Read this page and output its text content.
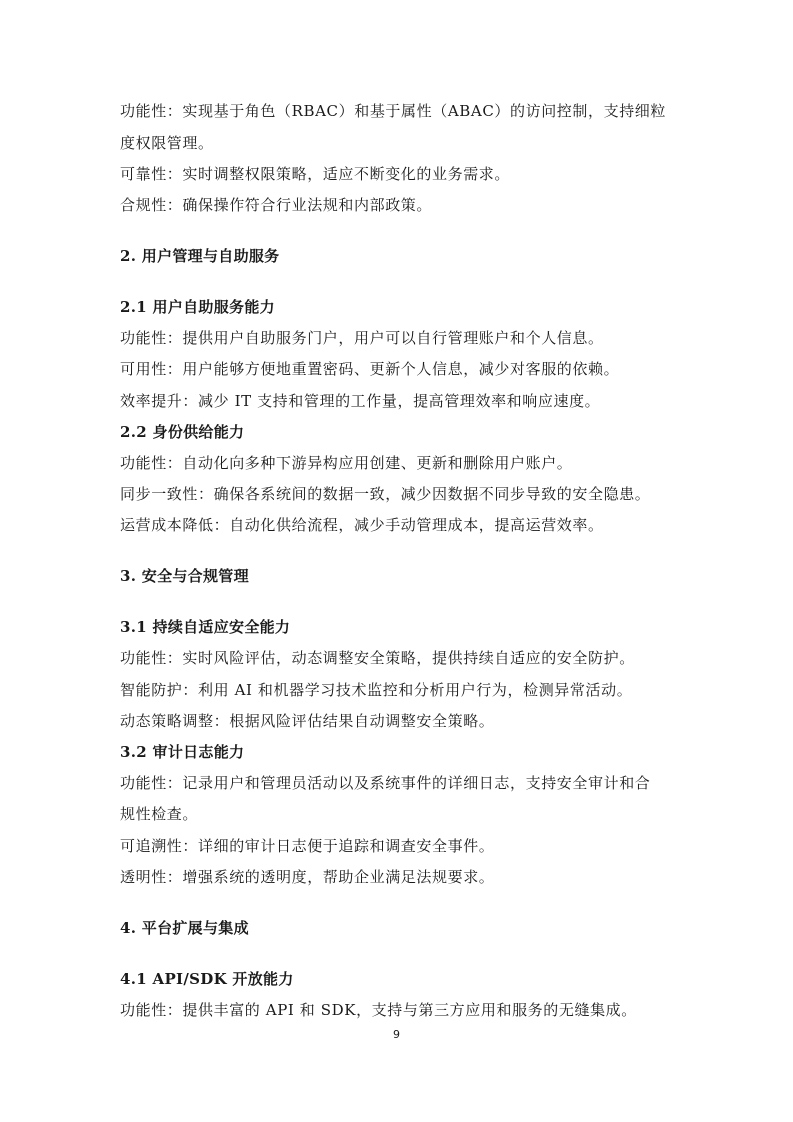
功能性：实现基于角色（RBAC）和基于属性（ABAC）的访问控制，支持细粒
度权限管理。
可靠性：实时调整权限策略，适应不断变化的业务需求。
合规性：确保操作符合行业法规和内部政策。
2. 用户管理与自助服务
2.1 用户自助服务能力
功能性：提供用户自助服务门户，用户可以自行管理账户和个人信息。
可用性：用户能够方便地重置密码、更新个人信息，减少对客服的依赖。
效率提升：减少 IT 支持和管理的工作量，提高管理效率和响应速度。
2.2 身份供给能力
功能性：自动化向多种下游异构应用创建、更新和删除用户账户。
同步一致性：确保各系统间的数据一致，减少因数据不同步导致的安全隐患。
运营成本降低：自动化供给流程，减少手动管理成本，提高运营效率。
3. 安全与合规管理
3.1 持续自适应安全能力
功能性：实时风险评估，动态调整安全策略，提供持续自适应的安全防护。
智能防护：利用 AI 和机器学习技术监控和分析用户行为，检测异常活动。
动态策略调整：根据风险评估结果自动调整安全策略。
3.2 审计日志能力
功能性：记录用户和管理员活动以及系统事件的详细日志，支持安全审计和合
规性检查。
可追溯性：详细的审计日志便于追踪和调查安全事件。
透明性：增强系统的透明度，帮助企业满足法规要求。
4. 平台扩展与集成
4.1 API/SDK 开放能力
功能性：提供丰富的 API 和 SDK，支持与第三方应用和服务的无缝集成。
9
